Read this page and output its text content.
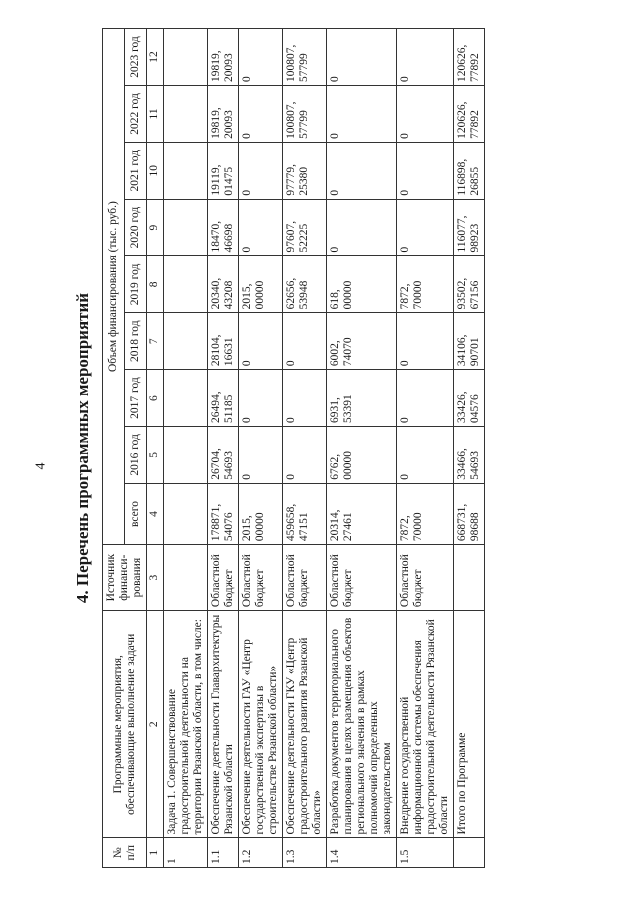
4 4. Перечень программных мероприятий
№ п/п	Программные мероприятия, обеспечивающие выполнение задачи	Источник финанси-рования	Объем финансирования (тыс. руб.)								
			всего	2016 год	2017 год	2018 год	2019 год	2020 год	2021 год	2022 год	2023 год
1	2	3	4	5	6	7	8	9	10	11	12
1	Задача 1. Совершенствование градостроительной деятельности на территории Рязанской области, в том числе:										
1.1	Обеспечение деятельности Главархитектуры Рязанской области	Областной бюджет	178871, 54076	26704, 54693	26494, 51185	28104, 16631	20340, 43208	18470, 46698	19119, 01475	19819, 20093	19819, 20093
1.2	Обеспечение деятельности ГАУ «Центр государственной экспертизы в строительстве Рязанской области»	Областной бюджет	2015, 00000	0	0	0	2015, 00000	0	0	0	0
1.3	Обеспечение деятельности ГКУ «Центр градостроительного развития Рязанской области»	Областной бюджет	459658, 47151	0	0	0	62656, 53948	97607, 52225	97779, 25380	100807, 57799	100807, 57799
1.4	Разработка документов территориального планирования в целях размещения объектов регионального значения в рамках полномочий определенных законодательством	Областной бюджет	20314, 27461	6762, 00000	6931, 53391	6002, 74070	618, 00000	0	0	0	0
1.5	Внедрение государственной информационной системы обеспечения градостроительной деятельности Рязанской области	Областной бюджет	7872, 70000	0	0	0	7872, 70000	0	0	0	0
	Итого по Программе		668731, 98688	33466, 54693	33426, 04576	34106, 90701	93502, 67156	116077, 98923	116898, 26855	120626, 77892	120626, 77892
